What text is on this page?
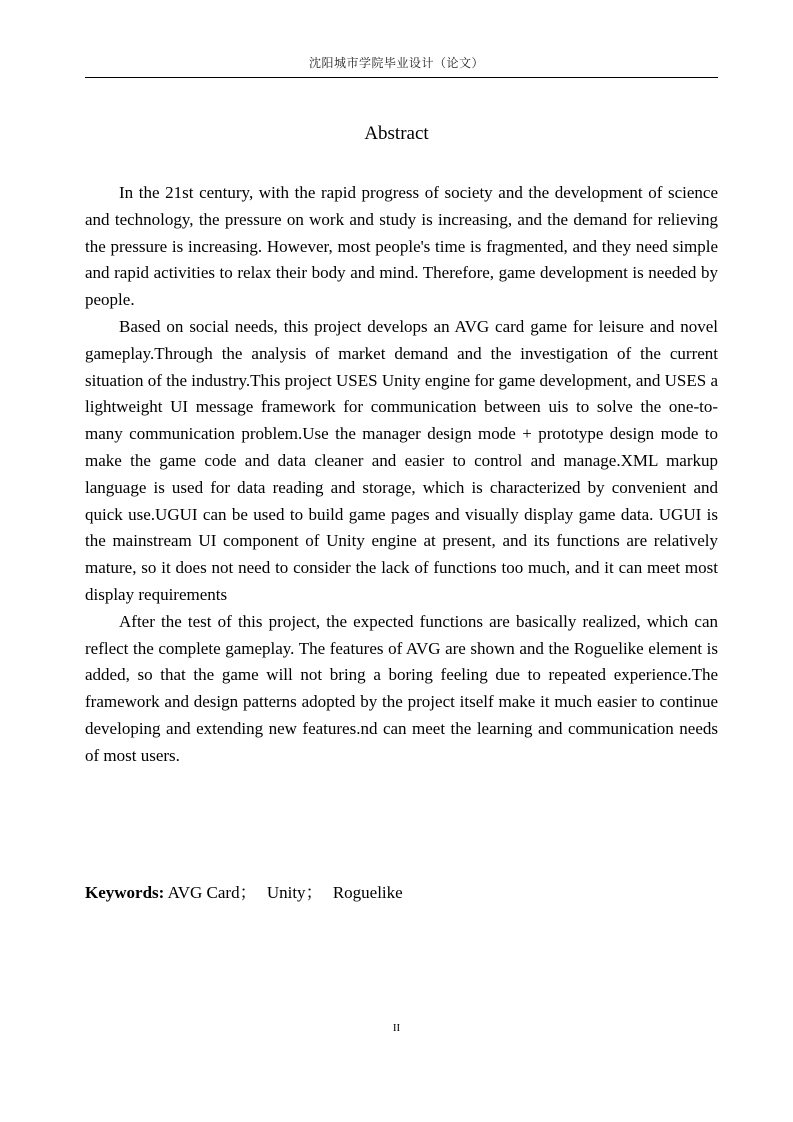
沈阳城市学院毕业设计（论文）
Abstract

In the 21st century, with the rapid progress of society and the development of science and technology, the pressure on work and study is increasing, and the demand for relieving the pressure is increasing. However, most people's time is fragmented, and they need simple and rapid activities to relax their body and mind. Therefore, game development is needed by people.

Based on social needs, this project develops an AVG card game for leisure and novel gameplay.Through the analysis of market demand and the investigation of the current situation of the industry.This project USES Unity engine for game development, and USES a lightweight UI message framework for communication between uis to solve the one-to-many communication problem.Use the manager design mode + prototype design mode to make the game code and data cleaner and easier to control and manage.XML markup language is used for data reading and storage, which is characterized by convenient and quick use.UGUI can be used to build game pages and visually display game data. UGUI is the mainstream UI component of Unity engine at present, and its functions are relatively mature, so it does not need to consider the lack of functions too much, and it can meet most display requirements

After the test of this project, the expected functions are basically realized, which can reflect the complete gameplay. The features of AVG are shown and the Roguelike element is added, so that the game will not bring a boring feeling due to repeated experience.The framework and design patterns adopted by the project itself make it much easier to continue developing and extending new features.nd can meet the learning and communication needs of most users.

Keywords: AVG Card； Unity； Roguelike
II
